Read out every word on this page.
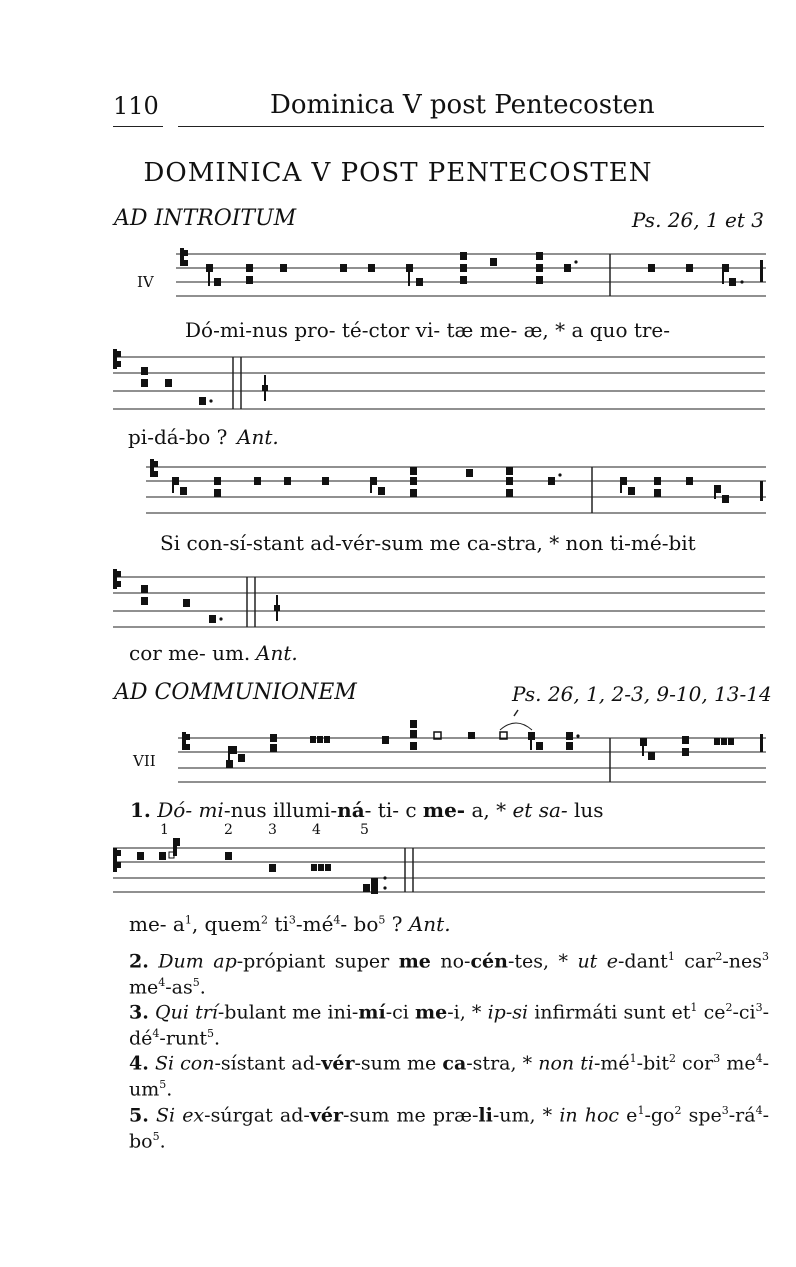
110	Dominica V post Pentecosten
DOMINICA V POST PENTECOSTEN
AD INTROITUM	Ps. 26, 1 et 3
IV
Dó-mi-nus pro- té-ctor vi- tæ me- æ, * a quo tre-
pi-dá-bo ? Ant.
Si con-sí-stant ad-vér-sum me ca-stra, * non ti-mé-bit
cor me- um. Ant.
AD COMMUNIONEM	Ps. 26, 1, 2-3, 9-10, 13-14
VII
1. Dó- mi-nus illumi-ná- ti- c me- a, * et sa- lus
1	2	3	4	5
me- $a^1$, quem$^2$ $ti^3-mé^4-$ $bo^5$ ? Ant.
2. Dum ap-própiant super me no-cén-tes, * ut e-dant$^1$ car$^2$-nes$^3$ $me^4-as^5$.
3. Qui trí-bulant me ini-mí-ci me-i, * ip-si infirmáti sunt $et^1$ $ce^2-ci^3-dé^4-runt^5$.
4. Si con-sístant ad-vér-sum me ca-stra, * non $ti-mé^1-bit^2$ cor$^3$ $me^4-um^5$.
5. Si ex-súrgat ad-vér-sum me præ-li-um, * in hoc $e^1-go^2$ $spe^3-rá^4-bo^5$.
